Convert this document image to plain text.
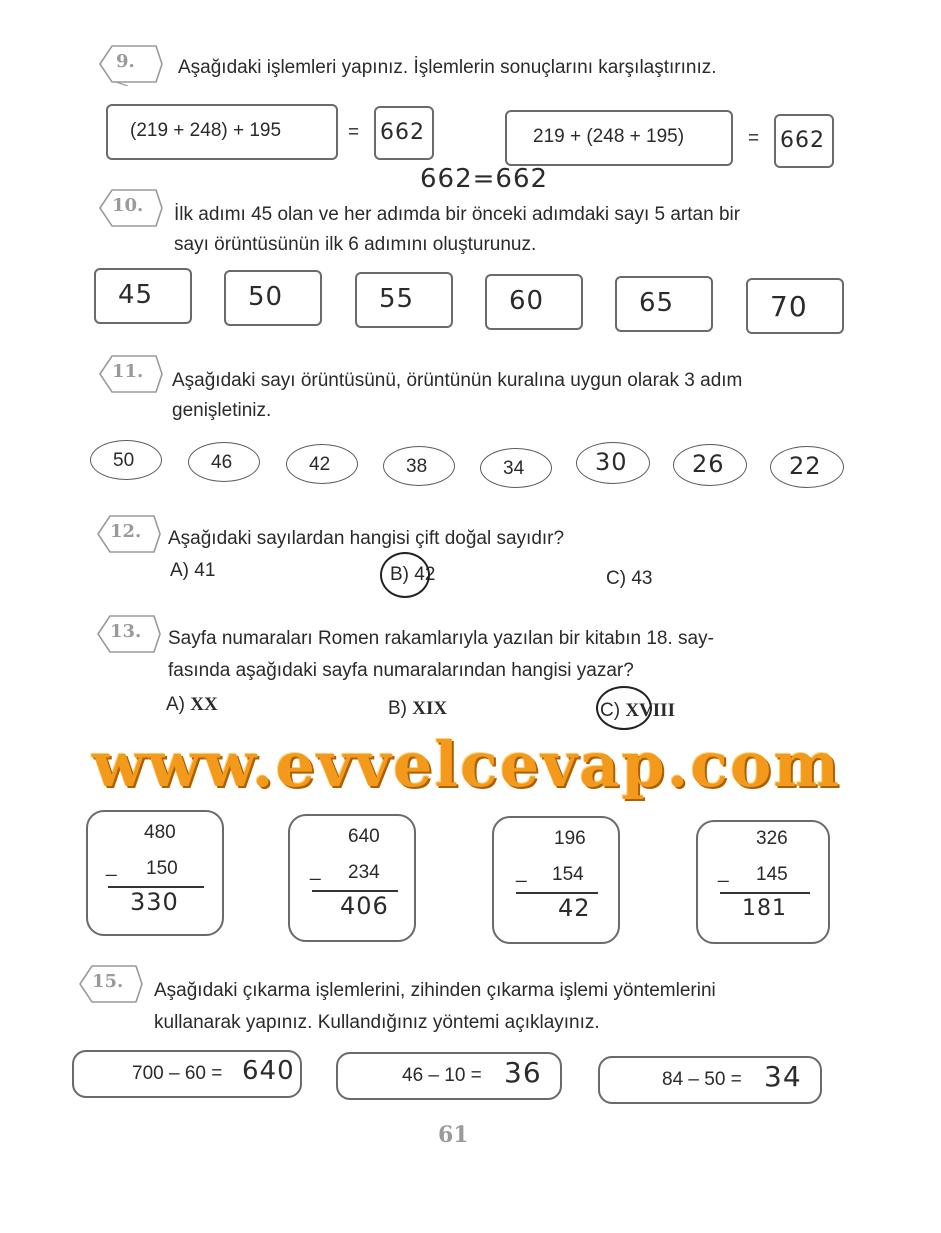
9. Aşağıdaki işlemleri yapınız. İşlemlerin sonuçlarını karşılaştırınız.
(219 + 248) + 195	= 662	219 + (248 + 195)	= 662
662=662
10. İlk adımı 45 olan ve her adımda bir önceki adımdaki sayı 5 artan bir
sayı örüntüsünün ilk 6 adımını oluşturunuz.
45	50	55	60	65	70
11. Aşağıdaki sayı örüntüsünü, örüntünün kuralına uygun olarak 3 adım
genişletiniz.
50	46	42	38	34	30	26	22
12. Aşağıdaki sayılardan hangisi çift doğal sayıdır?
A) 41	B) 42	C) 43
13. Sayfa numaraları Romen rakamlarıyla yazılan bir kitabın 18. say-
fasında aşağıdaki sayfa numaralarından hangisi yazar?
A) XX	B) XIX	C) XVIII
www.evvelcevap.com
480
_ 150
330
640
_ 234
406
196
_ 154
42
326
_ 145
181
15. Aşağıdaki çıkarma işlemlerini, zihinden çıkarma işlemi yöntemlerini
kullanarak yapınız. Kullandığınız yöntemi açıklayınız.
700 – 60 = 640	46 – 10 = 36	84 – 50 = 34
61
